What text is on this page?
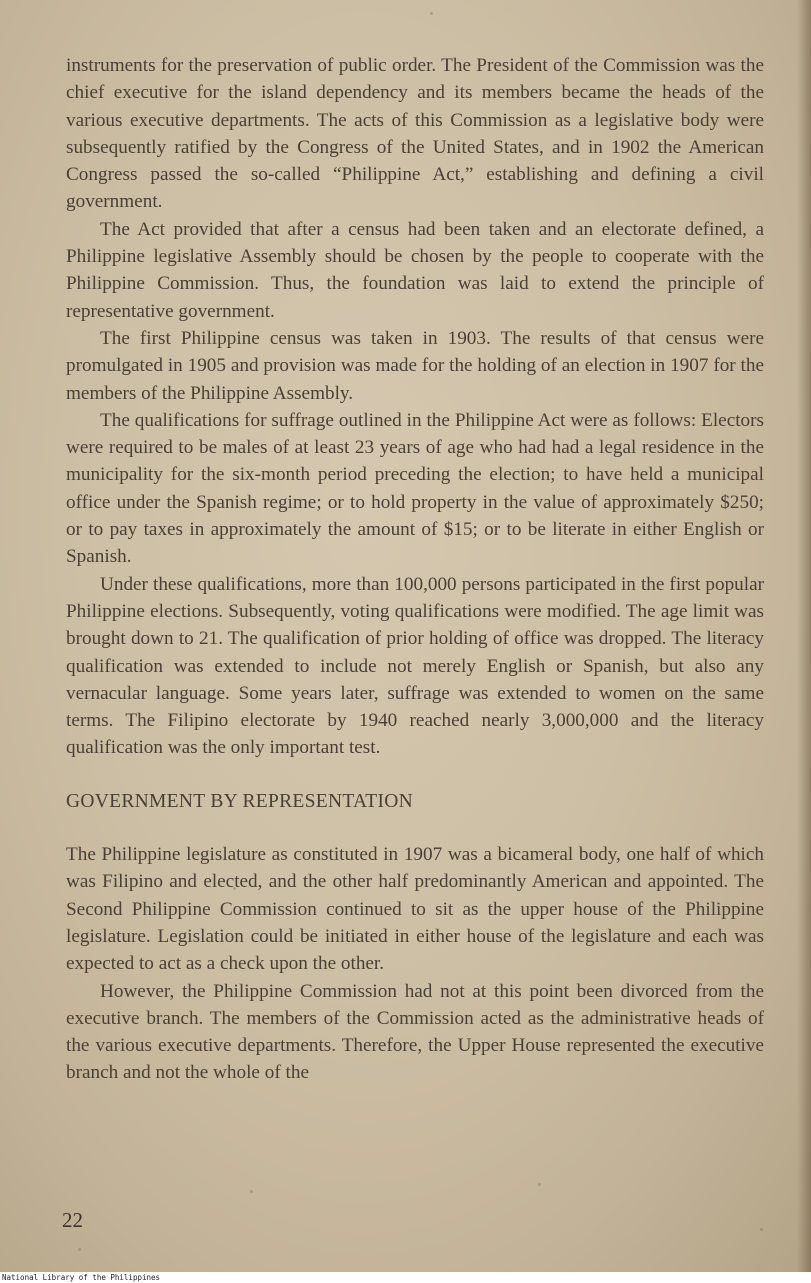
instruments for the preservation of public order. The President of the Commission was the chief executive for the island dependency and its members became the heads of the various executive departments. The acts of this Commission as a legislative body were subsequently ratified by the Congress of the United States, and in 1902 the American Congress passed the so-called “Philippine Act,” establishing and defining a civil government.

The Act provided that after a census had been taken and an electorate defined, a Philippine legislative Assembly should be chosen by the people to cooperate with the Philippine Commission. Thus, the foundation was laid to extend the principle of representative government.

The first Philippine census was taken in 1903. The results of that census were promulgated in 1905 and provision was made for the holding of an election in 1907 for the members of the Philippine Assembly.

The qualifications for suffrage outlined in the Philippine Act were as follows: Electors were required to be males of at least 23 years of age who had had a legal residence in the municipality for the six-month period preceding the election; to have held a municipal office under the Spanish regime; or to hold property in the value of approximately $250; or to pay taxes in approximately the amount of $15; or to be literate in either English or Spanish.

Under these qualifications, more than 100,000 persons participated in the first popular Philippine elections. Subsequently, voting qualifications were modified. The age limit was brought down to 21. The qualification of prior holding of office was dropped. The literacy qualification was extended to include not merely English or Spanish, but also any vernacular language. Some years later, suffrage was extended to women on the same terms. The Filipino electorate by 1940 reached nearly 3,000,000 and the literacy qualification was the only important test.

GOVERNMENT BY REPRESENTATION

The Philippine legislature as constituted in 1907 was a bicameral body, one half of which was Filipino and elected, and the other half predominantly American and appointed. The Second Philippine Commission continued to sit as the upper house of the Philippine legislature. Legislation could be initiated in either house of the legislature and each was expected to act as a check upon the other.

However, the Philippine Commission had not at this point been divorced from the executive branch. The members of the Commission acted as the administrative heads of the various executive departments. Therefore, the Upper House represented the executive branch and not the whole of the

22
National Library of the Philippines
